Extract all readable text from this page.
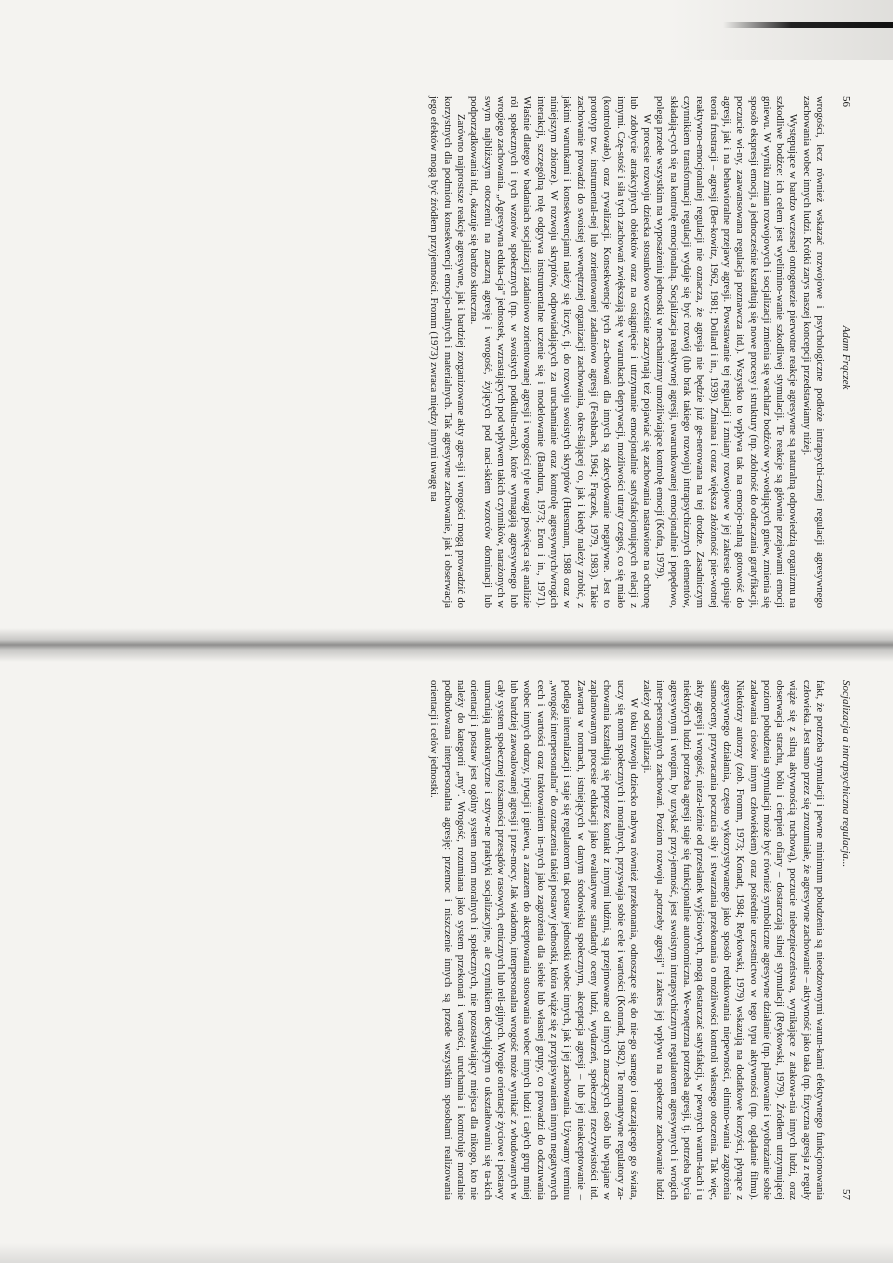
56
Adam Frączek

wrogości, lecz również wskazać rozwojowe i psychologiczne podłoże intrapsychi-cznej regulacji agresywnego zachowania wobec innych ludzi. Krótki zarys naszej koncepcji przedstawiamy niżej.

Występujące w bardzo wczesnej ontogenezie pierwotne reakcje agresywne są naturalną odpowiedzią organizmu na szkodliwe bodźce: ich celem jest wyelimino-wanie szkodliwej stymulacji. Te reakcje są głównie przejawami emocji gniewu. W wyniku zmian rozwojowych i socjalizacji zmienia się wachlarz bodźców wy-wołujących gniew, zmienia się sposób ekspresji emocji, a jednocześnie kształtują się nowe procesy i struktury (np. zdolność do odraczania gratyfikacji, poczucie wi-ny, zaawansowana regulacja poznawcza itd.). Wszystko to wpływa tak na emocjo-nalną gotowość do agresji, jak i na behawioralne przejawy agresji. Powstawanie tej regulacji i zmiany rozwojowe w jej zakresie opisuje teoria frustracji – agresji (Ber-kowitz, 1962, 1981; Dollard i in., 1939). Zmiana i coraz większa złożoność pier-wotnej reaktywno-emocjonalnej regulacji nie oznacza, że agresja nie będzie już ge-nerowana na tej drodze. Zasadniczym czynnikiem transformacji regulacji wydaje się być rozwój (lub brak takiego rozwoju) intrapsychicznych elementów, składają-cych się na kontrolę emocjonalną. Socjalizacja reaktywnej agresji, uwarunkowanej emocjonalnie i popędowo, polega przede wszystkim na wyposażeniu jednostki w mechanizmy umożliwiające kontrolę emocji (Kofta, 1979).

W procesie rozwoju dziecka stosunkowo wcześnie zaczynają też pojawiać się zachowania nastawione na ochronę lub zdobycie atrakcyjnych obiektów oraz na osiągnięcie i utrzymanie emocjonalnie satysfakcjonujących relacji z innymi. Czę-stość i siła tych zachowań zwiększają się w warunkach deprywacji, możliwości utraty czegoś, co się miało (kontrolowało), oraz rywalizacji. Konsekwencje tych za-chowań dla innych są zdecydowanie negatywne. Jest to prototyp tzw. instrumental-nej lub zorientowanej zadaniowo agresji (Feshbach, 1964; Frączek, 1979, 1983). Takie zachowanie prowadzi do swoistej wewnętrznej organizacji zachowania, okre-ślającej co, jak i kiedy należy zrobić, z jakimi warunkami i konsekwencjami należy się liczyć, tj. do rozwoju swoistych skryptów (Huesmann, 1988 oraz w niniejszym zbiorze). W rozwoju skryptów, odpowiadających za uruchamianie oraz kontrolę agresywnych/wrogich interakcji, szczególną rolę odgrywa instrumentalne uczenie się i modelowanie (Bandura, 1973; Eron i in., 1971). Właśnie dlatego w badaniach socjalizacji zadaniowo zorientowanej agresji i wrogości tyle uwagi poświęca się analizie ról społecznych i tych wzorów społecznych (np. w swoistych podkultu-rach), które wymagają agresywnego lub wrogiego zachowania. „Agresywna eduka-cja" jednostek, wzrastających pod wpływem takich czynników, narażonych w swym najbliższym otoczeniu na znaczną agresję i wrogość, żyjących pod naci-skiem wzorców dominacji lub podporządkowania itd., okazuje się bardzo skuteczna.

Zarówno najprostsze reakcje agresywne, jak i bardziej zorganizowane akty agre-sji i wrogości mogą prowadzić do korzystnych dla podmiotu konsekwencji emocjo-nalnych i materialnych. Tak agresywne zachowanie, jak i obserwacja jego efektów mogą być źródłem przyjemności. Fromm (1973) zwraca między innymi uwagę na

Socjalizacja a intrapsychiczna regulacja...
57

fakt, że potrzeba stymulacji i pewne minimum pobudzenia są nieodzownymi warun-kami efektywnego funkcjonowania człowieka. Jest samo przez się zrozumiałe, że agresywne zachowanie – aktywność jako taka (np. fizyczna agresja z reguły wiąże się z silną aktywnością ruchową), poczucie niebezpieczeństwa, wynikające z atakowa-nia innych ludzi, oraz obserwacja strachu, bólu i cierpień ofiary – dostarczają silnej stymulacji (Reykowski, 1979). Źródłem utrzymującej poziom pobudzenia stymulacji może być również symboliczne agresywne działanie (np. planowanie i wyobrażanie sobie zadawania ciosów innym człowiekiem) oraz pośrednie uczestnictwo w tego typu aktywności (np. oglądanie filmu). Niektórzy autorzy (zob. Fromm, 1973; Konadt, 1984; Reykowski, 1979) wskazują na dodatkowe korzyści, płynące z agresywnego działania, często wykorzystywanego jako sposób redukowania niepewności, elimino-wania zagrożenia samooceny, przywracania poczucia siły i stwarzania przekonania o możliwości kontroli własnego otoczenia. Tak więc, akty agresji i wrogość, nieza-leżnie od przesłanek wyjściowych, mogą dostarczać satysfakcji, w pewnych warun-kach i u niektórych ludzi potrzeba agresji staje się funkcjonalnie autonomiczna. We-wnętrzna potrzeba agresji, tj. potrzeba bycia agresywnym i wrogim, by uzyskać przy-jemność, jest swoistym intrapsychicznym regulatorem agresywnych i wrogich inter-personalnych zachowań. Poziom rozwoju „potrzeby agresji" i zakres jej wpływu na społeczne zachowanie ludzi zależy od socjalizacji.

W toku rozwoju dziecko nabywa również przekonania, odnoszące się do nie-go samego i otaczającego go świata, uczy się norm społecznych i moralnych, przyswaja sobie cele i wartości (Konradt, 1982). Te normatywne regulatory za-chowania kształtują się poprzez kontakt z innymi ludźmi, są przejmowane od innych znaczących osób lub wpajane w zaplanowanym procesie edukacji jako ewaluatywne standardy oceny ludzi, wydarzeń, społecznej rzeczywistości itd. Zawarta w normach, istniejących w danym środowisku społecznym, akceptacja agresji – lub jej nieakceptowanie – podlega internalizacji i staje się regulatorem tak postaw jednostki wobec innych, jak i jej zachowania. Używamy terminu „wrogość interpersonalna" do oznaczenia takiej postawy jednostki, która wiąże się z przypisywaniem innym negatywnych cech i wartości oraz traktowaniem in-nych jako zagrożenia dla siebie lub własnej grupy, co prowadzi do odczuwania wobec innych odrazy, irytacji i gniewu, a zarazem do akceptowania stosowania wobec innych ludzi i całych grup mniej lub bardziej zawoalowanej agresji i prze-mocy. Jak wiadomo, interpersonalna wrogość może wynikać z wbudowanych w cały system społecznej tożsamości przesądów rasowych, etnicznych lub reli-gijnych. Wrogie orientacje życiowe i postawy umacniają autokratyczne i sztyw-ne praktyki socjalizacyjne, ale czynnikiem decydującym o ukształtowaniu się ta-kich orientacji i postaw jest ogólny system norm moralnych i społecznych, nie pozostawiający miejsca dla nikogo, kto nie należy do kategorii „my". Wrogość, rozumiana jako system przekonań i wartości, uruchamia i kontroluje moralnie podbudowana interpersonalna agresję: przemoc i niszczenie innych są przede wszystkim sposobami realizowania orientacji i celów jednostki.
